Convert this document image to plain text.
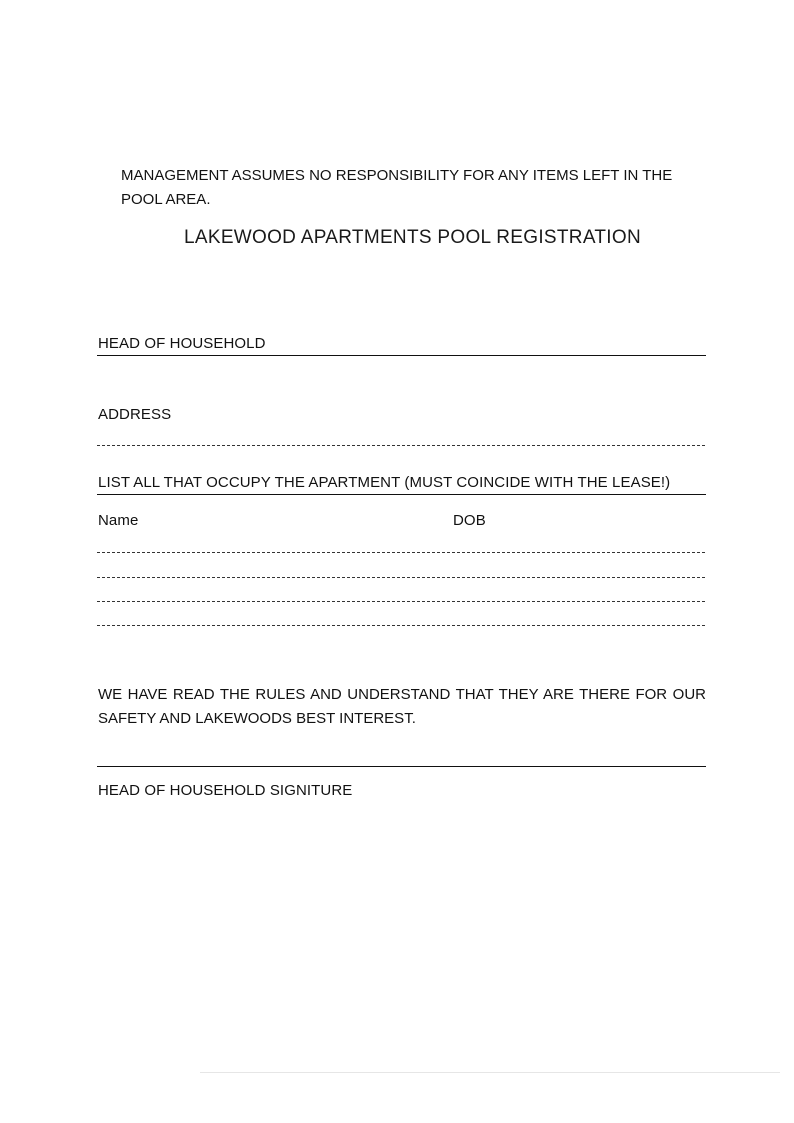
MANAGEMENT ASSUMES NO RESPONSIBILITY FOR ANY ITEMS LEFT IN THE POOL AREA.
LAKEWOOD APARTMENTS POOL REGISTRATION
HEAD OF HOUSEHOLD
ADDRESS
LIST ALL THAT OCCUPY THE APARTMENT (MUST COINCIDE WITH THE LEASE!)
Name	DOB
WE HAVE READ THE RULES AND UNDERSTAND THAT THEY ARE THERE FOR OUR SAFETY AND LAKEWOODS BEST INTEREST.
HEAD OF HOUSEHOLD SIGNITURE
